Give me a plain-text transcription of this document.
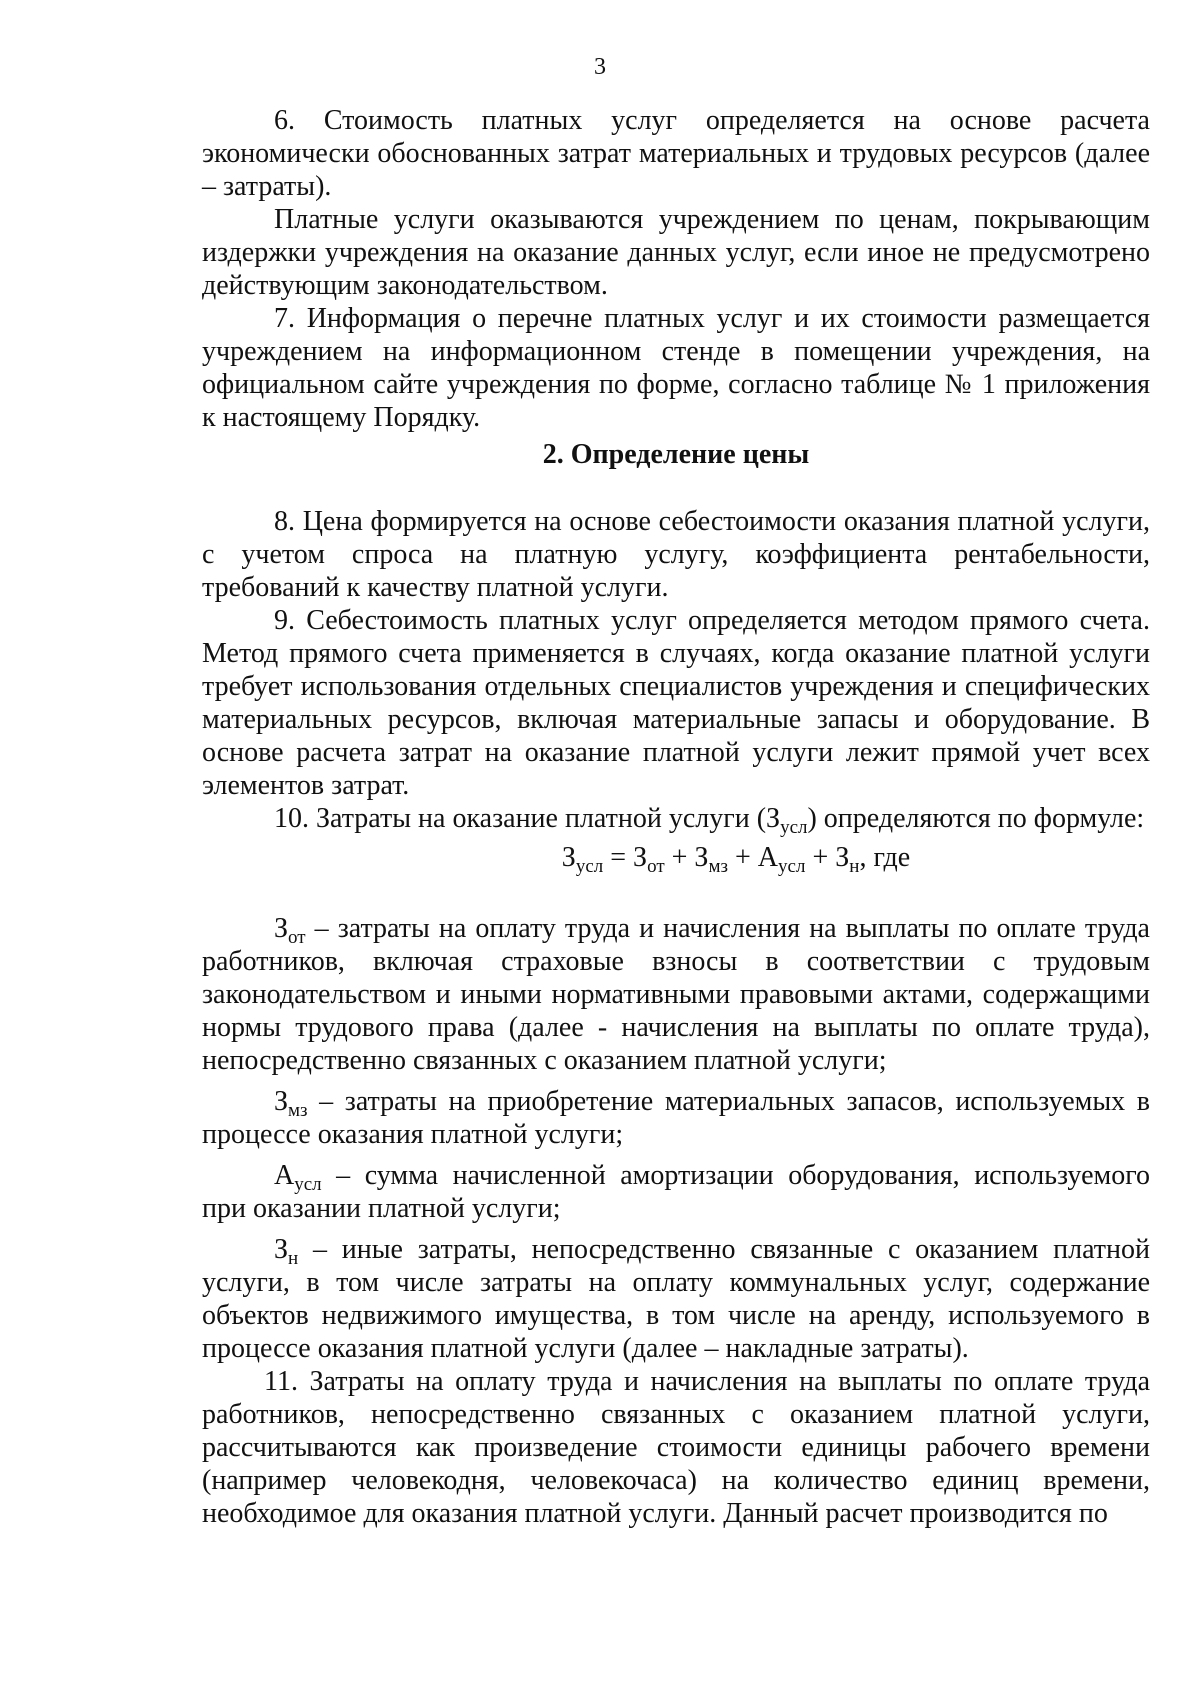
3

6. Стоимость платных услуг определяется на основе расчета экономически обоснованных затрат материальных и трудовых ресурсов (далее – затраты).

Платные услуги оказываются учреждением по ценам, покрывающим издержки учреждения на оказание данных услуг, если иное не предусмотрено действующим законодательством.

7. Информация о перечне платных услуг и их стоимости размещается учреждением на информационном стенде в помещении учреждения, на официальном сайте учреждения по форме, согласно таблице № 1 приложения к настоящему Порядку.

2. Определение цены

8. Цена формируется на основе себестоимости оказания платной услуги, с учетом спроса на платную услугу, коэффициента рентабельности, требований к качеству платной услуги.

9. Себестоимость платных услуг определяется методом прямого счета. Метод прямого счета применяется в случаях, когда оказание платной услуги требует использования отдельных специалистов учреждения и специфических материальных ресурсов, включая материальные запасы и оборудование. В основе расчета затрат на оказание платной услуги лежит прямой учет всех элементов затрат.

10. Затраты на оказание платной услуги $(З_{усл})$ определяются по формуле:

$З_{усл} = З_{от} + З_{мз} + А_{усл} + З_н$, где

$З_{от}$ – затраты на оплату труда и начисления на выплаты по оплате труда работников, включая страховые взносы в соответствии с трудовым законодательством и иными нормативными правовыми актами, содержащими нормы трудового права (далее - начисления на выплаты по оплате труда), непосредственно связанных с оказанием платной услуги;

$З_{мз}$ – затраты на приобретение материальных запасов, используемых в процессе оказания платной услуги;

$А_{усл}$ – сумма начисленной амортизации оборудования, используемого при оказании платной услуги;

$З_н$ – иные затраты, непосредственно связанные с оказанием платной услуги, в том числе затраты на оплату коммунальных услуг, содержание объектов недвижимого имущества, в том числе на аренду, используемого в процессе оказания платной услуги (далее – накладные затраты).

11. Затраты на оплату труда и начисления на выплаты по оплате труда работников, непосредственно связанных с оказанием платной услуги, рассчитываются как произведение стоимости единицы рабочего времени (например человекодня, человекочаса) на количество единиц времени, необходимое для оказания платной услуги. Данный расчет производится по
